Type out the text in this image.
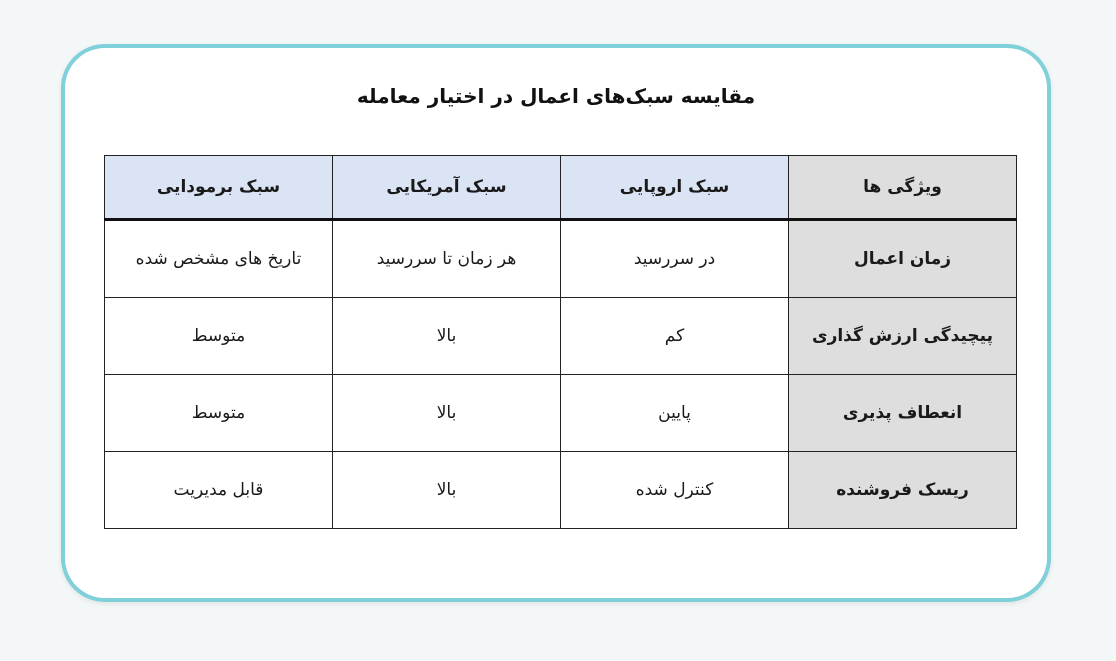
مقایسه سبک‌های اعمال در اختیار معامله
ویژگی ها	سبک اروپایی	سبک آمریکایی	سبک برمودایی
زمان اعمال	در سررسید	هر زمان تا سررسید	تاریخ های مشخص شده
پیچیدگی ارزش گذاری	کم	بالا	متوسط
انعطاف پذیری	پایین	بالا	متوسط
ریسک فروشنده	کنترل شده	بالا	قابل مدیریت
